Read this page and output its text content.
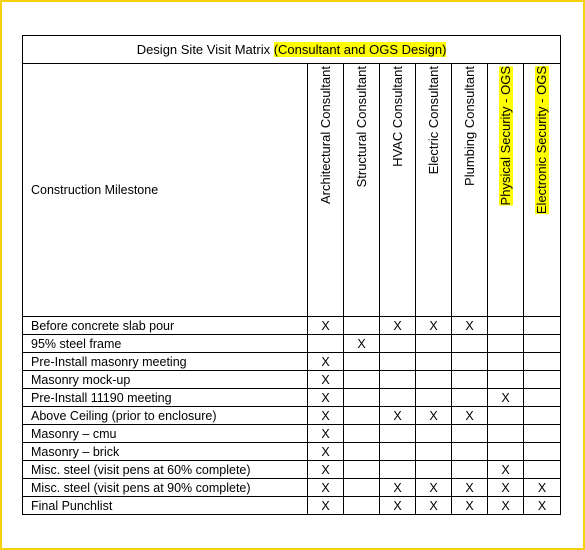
Design Site Visit Matrix (Consultant and OGS Design)							
Construction Milestone	Architectural Consultant	Structural Consultant	HVAC Consultant	Electric Consultant	Plumbing Consultant	Physical Security - OGS	Electronic Security - OGS

Before concrete slab pour	X		X	X	X		
95% steel frame		X					
Pre-Install masonry meeting	X						
Masonry mock-up	X						
Pre-Install 11190 meeting	X					X	
Above Ceiling (prior to enclosure)	X		X	X	X		
Masonry – cmu	X						
Masonry – brick	X						
Misc. steel (visit pens at 60% complete)	X					X	
Misc. steel (visit pens at 90% complete)	X		X	X	X	X	X
Final Punchlist	X		X	X	X	X	X
